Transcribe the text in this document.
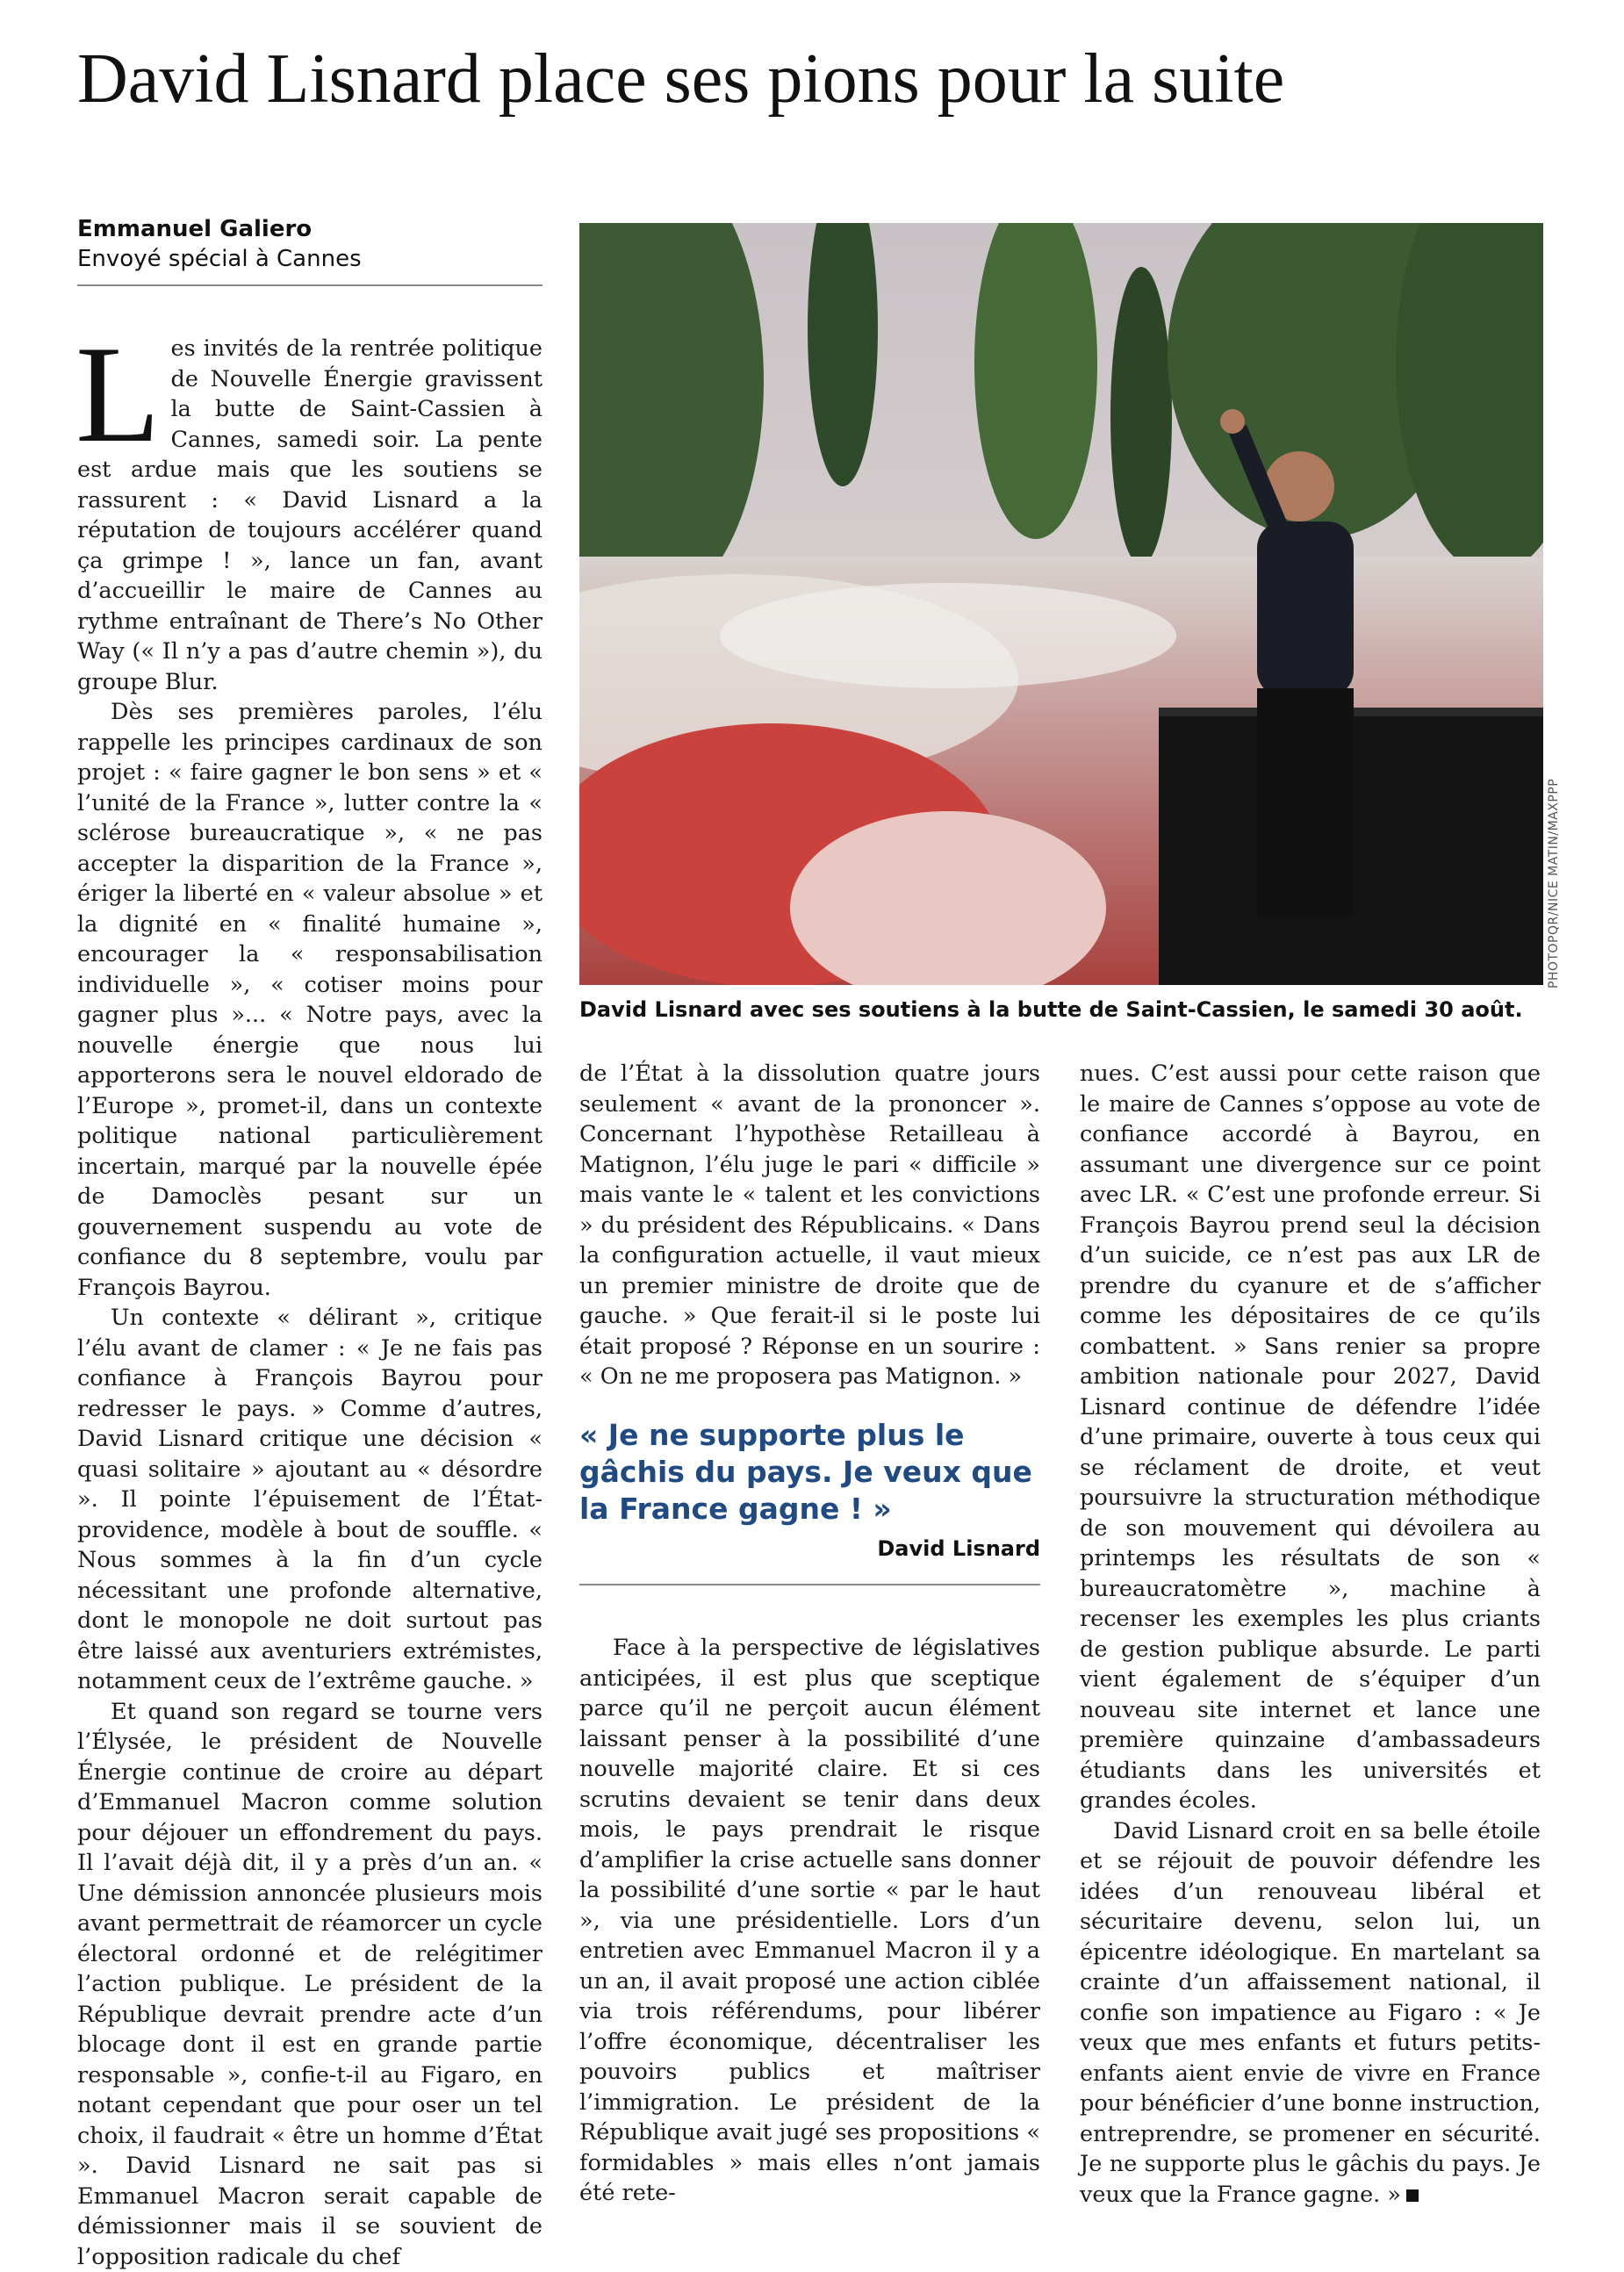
David Lisnard place ses pions pour la suite
Emmanuel Galiero
Envoyé spécial à Cannes

Les invités de la rentrée politique de Nouvelle Énergie gravissent la butte de Saint-Cassien à Cannes, samedi soir. La pente est ardue mais que les soutiens se rassurent : « David Lisnard a la réputation de toujours accélérer quand ça grimpe ! », lance un fan, avant d’accueillir le maire de Cannes au rythme entraînant de There’s No Other Way (« Il n’y a pas d’autre chemin »), du groupe Blur.

Dès ses premières paroles, l’élu rappelle les principes cardinaux de son projet : « faire gagner le bon sens » et « l’unité de la France », lutter contre la « sclérose bureaucratique », « ne pas accepter la disparition de la France », ériger la liberté en « valeur absolue » et la dignité en « finalité humaine », encourager la « responsabilisation individuelle », « cotiser moins pour gagner plus »... « Notre pays, avec la nouvelle énergie que nous lui apporterons sera le nouvel eldorado de l’Europe », promet-il, dans un contexte politique national particulièrement incertain, marqué par la nouvelle épée de Damoclès pesant sur un gouvernement suspendu au vote de confiance du 8 septembre, voulu par François Bayrou.

Un contexte « délirant », critique l’élu avant de clamer : « Je ne fais pas confiance à François Bayrou pour redresser le pays. » Comme d’autres, David Lisnard critique une décision « quasi solitaire » ajoutant au « désordre ». Il pointe l’épuisement de l’État-providence, modèle à bout de souffle. « Nous sommes à la fin d’un cycle nécessitant une profonde alternative, dont le monopole ne doit surtout pas être laissé aux aventuriers extrémistes, notamment ceux de l’extrême gauche. »

Et quand son regard se tourne vers l’Élysée, le président de Nouvelle Énergie continue de croire au départ d’Emmanuel Macron comme solution pour déjouer un effondrement du pays. Il l’avait déjà dit, il y a près d’un an. « Une démission annoncée plusieurs mois avant permettrait de réamorcer un cycle électoral ordonné et de relégitimer l’action publique. Le président de la République devrait prendre acte d’un blocage dont il est en grande partie responsable », confie-t-il au Figaro, en notant cependant que pour oser un tel choix, il faudrait « être un homme d’État ». David Lisnard ne sait pas si Emmanuel Macron serait capable de démissionner mais il se souvient de l’opposition radicale du chef

PHOTOPQR/NICE MATIN/MAXPPP
David Lisnard avec ses soutiens à la butte de Saint-Cassien, le samedi 30 août.

de l’État à la dissolution quatre jours seulement « avant de la prononcer ». Concernant l’hypothèse Retailleau à Matignon, l’élu juge le pari « difficile » mais vante le « talent et les convictions » du président des Républicains. « Dans la configuration actuelle, il vaut mieux un premier ministre de droite que de gauche. » Que ferait-il si le poste lui était proposé ? Réponse en un sourire : « On ne me proposera pas Matignon. »

« Je ne supporte plus le gâchis du pays. Je veux que la France gagne ! »

David Lisnard

Face à la perspective de législatives anticipées, il est plus que sceptique parce qu’il ne perçoit aucun élément laissant penser à la possibilité d’une nouvelle majorité claire. Et si ces scrutins devaient se tenir dans deux mois, le pays prendrait le risque d’amplifier la crise actuelle sans donner la possibilité d’une sortie « par le haut », via une présidentielle. Lors d’un entretien avec Emmanuel Macron il y a un an, il avait proposé une action ciblée via trois référendums, pour libérer l’offre économique, décentraliser les pouvoirs publics et maîtriser l’immigration. Le président de la République avait jugé ses propositions « formidables » mais elles n’ont jamais été rete-

nues. C’est aussi pour cette raison que le maire de Cannes s’oppose au vote de confiance accordé à Bayrou, en assumant une divergence sur ce point avec LR. « C’est une profonde erreur. Si François Bayrou prend seul la décision d’un suicide, ce n’est pas aux LR de prendre du cyanure et de s’afficher comme les dépositaires de ce qu’ils combattent. » Sans renier sa propre ambition nationale pour 2027, David Lisnard continue de défendre l’idée d’une primaire, ouverte à tous ceux qui se réclament de droite, et veut poursuivre la structuration méthodique de son mouvement qui dévoilera au printemps les résultats de son « bureaucratomètre », machine à recenser les exemples les plus criants de gestion publique absurde. Le parti vient également de s’équiper d’un nouveau site internet et lance une première quinzaine d’ambassadeurs étudiants dans les universités et grandes écoles.

David Lisnard croit en sa belle étoile et se réjouit de pouvoir défendre les idées d’un renouveau libéral et sécuritaire devenu, selon lui, un épicentre idéologique. En martelant sa crainte d’un affaissement national, il confie son impatience au Figaro : « Je veux que mes enfants et futurs petits-enfants aient envie de vivre en France pour bénéficier d’une bonne instruction, entreprendre, se promener en sécurité. Je ne supporte plus le gâchis du pays. Je veux que la France gagne. »
